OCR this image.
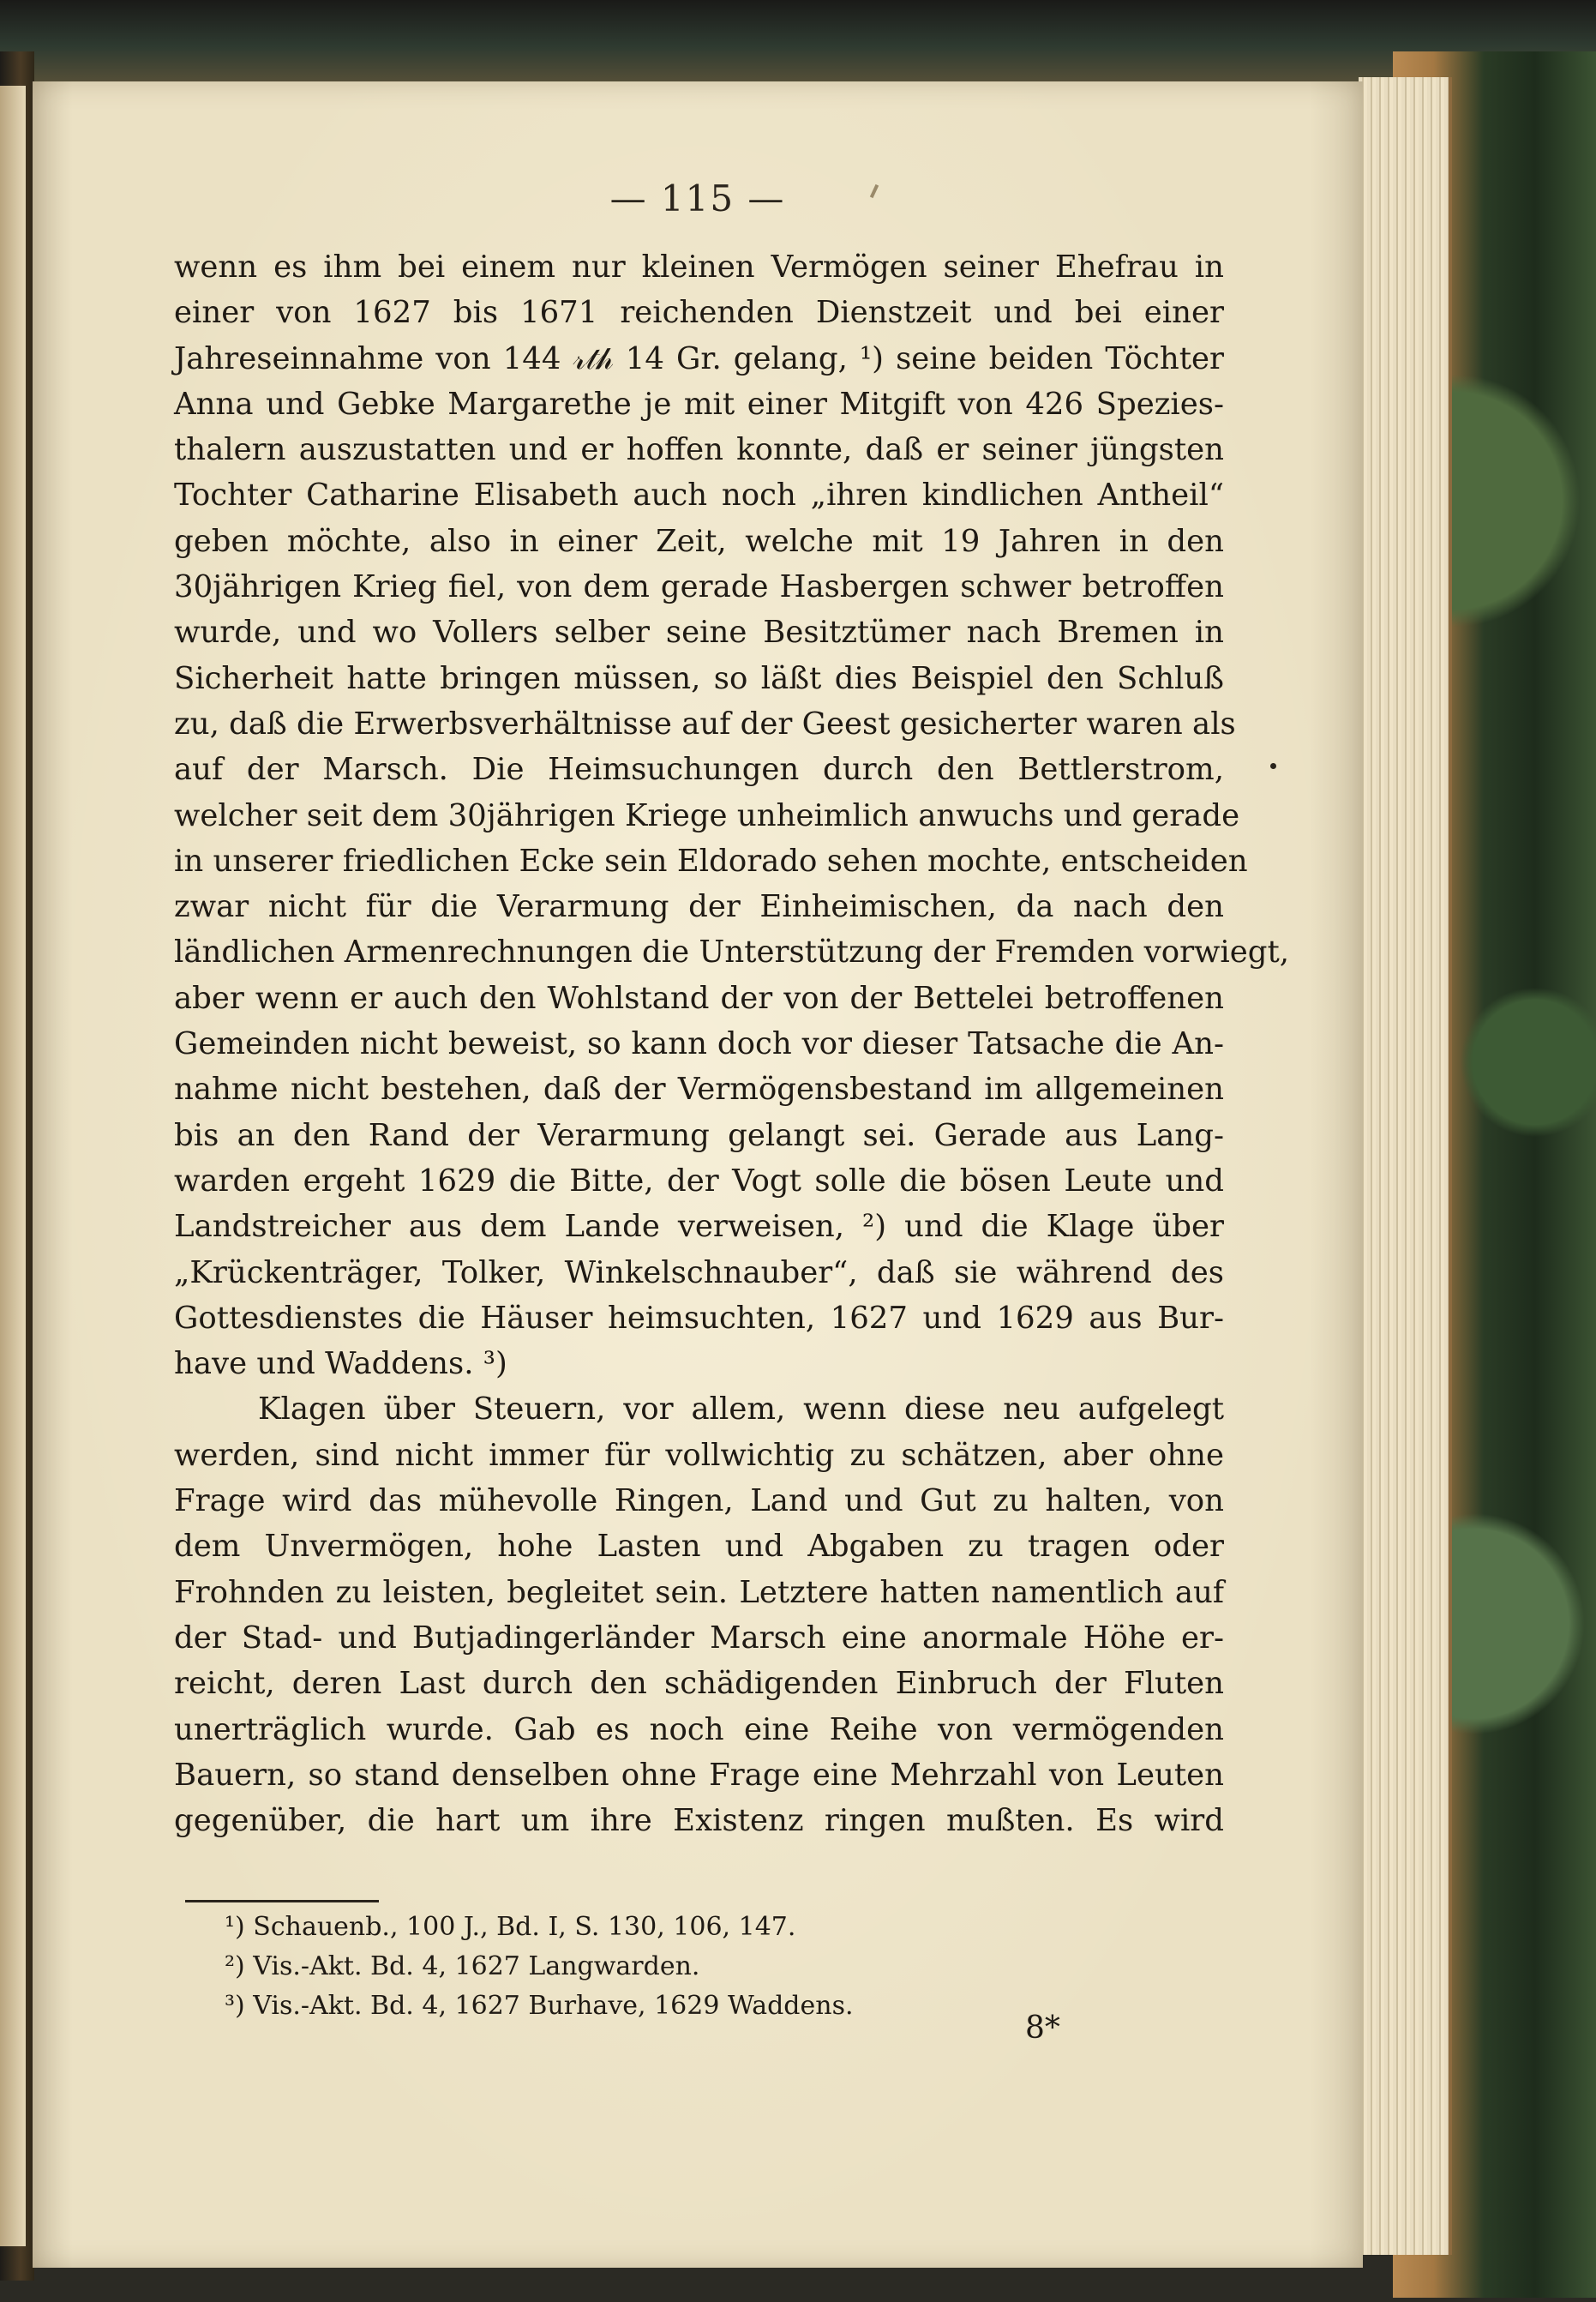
— 115 —
wenn es ihm bei einem nur kleinen Vermögen seiner Ehefrau in
einer von 1627 bis 1671 reichenden Dienstzeit und bei einer
Jahreseinnahme von 144 𝓇𝓉𝒽 14 Gr. gelang, ¹) seine beiden Töchter
Anna und Gebke Margarethe je mit einer Mitgift von 426 Spezies-
thalern auszustatten und er hoffen konnte, daß er seiner jüngsten
Tochter Catharine Elisabeth auch noch „ihren kindlichen Antheil“
geben möchte, also in einer Zeit, welche mit 19 Jahren in den
30jährigen Krieg fiel, von dem gerade Hasbergen schwer betroffen
wurde, und wo Vollers selber seine Besitztümer nach Bremen in
Sicherheit hatte bringen müssen, so läßt dies Beispiel den Schluß
zu, daß die Erwerbsverhältnisse auf der Geest gesicherter waren als
auf der Marsch. Die Heimsuchungen durch den Bettlerstrom,
welcher seit dem 30jährigen Kriege unheimlich anwuchs und gerade
in unserer friedlichen Ecke sein Eldorado sehen mochte, entscheiden
zwar nicht für die Verarmung der Einheimischen, da nach den
ländlichen Armenrechnungen die Unterstützung der Fremden vorwiegt,
aber wenn er auch den Wohlstand der von der Bettelei betroffenen
Gemeinden nicht beweist, so kann doch vor dieser Tatsache die An-
nahme nicht bestehen, daß der Vermögensbestand im allgemeinen
bis an den Rand der Verarmung gelangt sei. Gerade aus Lang-
warden ergeht 1629 die Bitte, der Vogt solle die bösen Leute und
Landstreicher aus dem Lande verweisen, ²) und die Klage über
„Krückenträger, Tolker, Winkelschnauber“, daß sie während des
Gottesdienstes die Häuser heimsuchten, 1627 und 1629 aus Bur-
have und Waddens. ³)
Klagen über Steuern, vor allem, wenn diese neu aufgelegt
werden, sind nicht immer für vollwichtig zu schätzen, aber ohne
Frage wird das mühevolle Ringen, Land und Gut zu halten, von
dem Unvermögen, hohe Lasten und Abgaben zu tragen oder
Frohnden zu leisten, begleitet sein. Letztere hatten namentlich auf
der Stad- und Butjadingerländer Marsch eine anormale Höhe er-
reicht, deren Last durch den schädigenden Einbruch der Fluten
unerträglich wurde. Gab es noch eine Reihe von vermögenden
Bauern, so stand denselben ohne Frage eine Mehrzahl von Leuten
gegenüber, die hart um ihre Existenz ringen mußten. Es wird
¹) Schauenb., 100 J., Bd. I, S. 130, 106, 147.
²) Vis.-Akt. Bd. 4, 1627 Langwarden.
³) Vis.-Akt. Bd. 4, 1627 Burhave, 1629 Waddens.
8*
